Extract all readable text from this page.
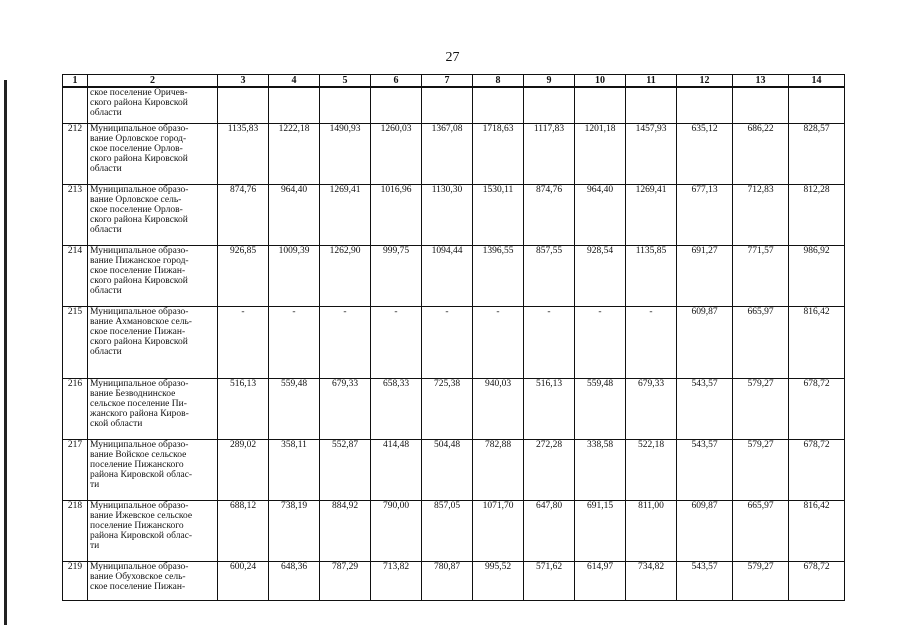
27
1	2	3	4	5	6	7	8	9	10	11	12	13	14

	ское поселение Оричев-
ского района Кировской
области												

212	Муниципальное образо-
вание Орловское город-
ское поселение Орлов-
ского района Кировской
области	1135,83	1222,18	1490,93	1260,03	1367,08	1718,63	1117,83	1201,18	1457,93	635,12	686,22	828,57
213	Муниципальное образо-
вание Орловское сель-
ское поселение Орлов-
ского района Кировской
области	874,76	964,40	1269,41	1016,96	1130,30	1530,11	874,76	964,40	1269,41	677,13	712,83	812,28
214	Муниципальное образо-
вание Пижанское город-
ское поселение Пижан-
ского района Кировской
области	926,85	1009,39	1262,90	999,75	1094,44	1396,55	857,55	928,54	1135,85	691,27	771,57	986,92
215	Муниципальное образо-
вание Ахмановское сель-
ское поселение Пижан-
ского района Кировской
области	-	-	-	-	-	-	-	-	-	609,87	665,97	816,42
216	Муниципальное образо-
вание Безводнинское
сельское поселение Пи-
жанского района Киров-
ской области	516,13	559,48	679,33	658,33	725,38	940,03	516,13	559,48	679,33	543,57	579,27	678,72
217	Муниципальное образо-
вание Войское сельское
поселение Пижанского
района Кировской облас-
ти	289,02	358,11	552,87	414,48	504,48	782,88	272,28	338,58	522,18	543,57	579,27	678,72
218	Муниципальное образо-
вание Ижевское сельское
поселение Пижанского
района Кировской облас-
ти	688,12	738,19	884,92	790,00	857,05	1071,70	647,80	691,15	811,00	609,87	665,97	816,42
219	Муниципальное образо-
вание Обуховское сель-
ское поселение Пижан-	600,24	648,36	787,29	713,82	780,87	995,52	571,62	614,97	734,82	543,57	579,27	678,72
